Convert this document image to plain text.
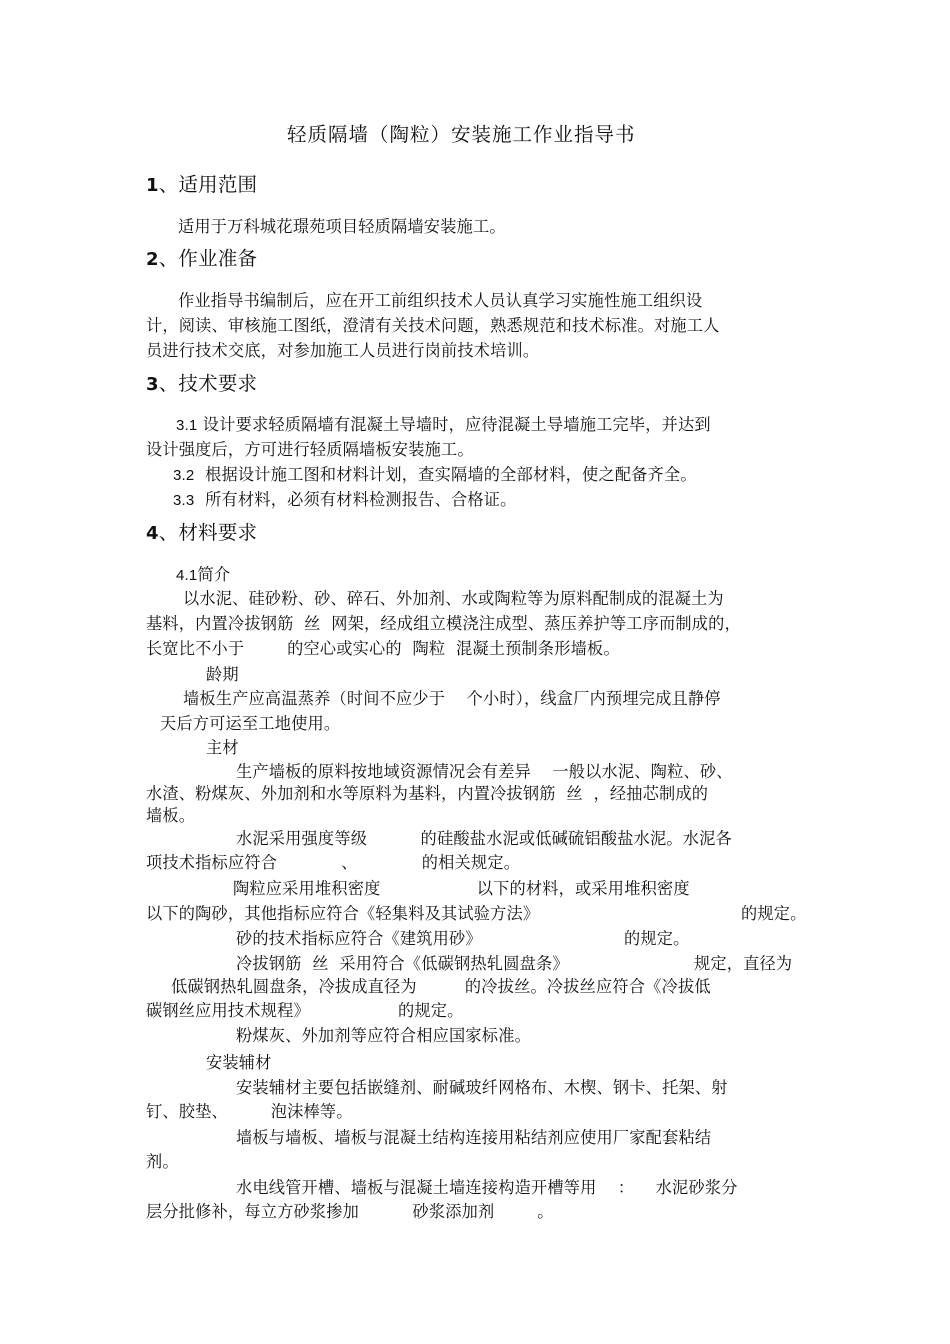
轻质隔墙（陶粒）安装施工作业指导书
1、适用范围
适用于万科城花璟苑项目轻质隔墙安装施工。
2、作业准备
作业指导书编制后，应在开工前组织技术人员认真学习实施性施工组织设
计，阅读、审核施工图纸，澄清有关技术问题，熟悉规范和技术标准。对施工人
员进行技术交底，对参加施工人员进行岗前技术培训。
3、技术要求
3.1 设计要求轻质隔墙有混凝土导墙时，应待混凝土导墙施工完毕，并达到
设计强度后，方可进行轻质隔墙板安装施工。
3.2  根据设计施工图和材料计划，查实隔墙的全部材料，使之配备齐全。
3.3  所有材料，必须有材料检测报告、合格证。
4、材料要求
4.1简介
以水泥、硅砂粉、砂、碎石、外加剂、水或陶粒等为原料配制成的混凝土为
基料，内置冷拔钢筋  丝  网架，经成组立模浇注成型、蒸压养护等工序而制成的，
长宽比不小于        的空心或实心的  陶粒  混凝土预制条形墙板。
龄期
墙板生产应高温蒸养（时间不应少于    个小时），线盒厂内预埋完成且静停
天后方可运至工地使用。
主材
生产墙板的原料按地域资源情况会有差异    一般以水泥、陶粒、砂、
水渣、粉煤灰、外加剂和水等原料为基料，内置冷拔钢筋  丝  ，经抽芯制成的
墙板。
水泥采用强度等级          的硅酸盐水泥或低碱硫铝酸盐水泥。水泥各
项技术指标应符合            、            的相关规定。
陶粒应采用堆积密度                  以下的材料，或采用堆积密度
以下的陶砂，其他指标应符合《轻集料及其试验方法》	的规定。
砂的技术指标应符合《建筑用砂》	的规定。
冷拔钢筋  丝  采用符合《低碳钢热轧圆盘条》	规定，直径为
低碳钢热轧圆盘条，冷拔成直径为         的冷拔丝。冷拔丝应符合《冷拔低
碳钢丝应用技术规程》	的规定。
粉煤灰、外加剂等应符合相应国家标准。
安装辅材
安装辅材主要包括嵌缝剂、耐碱玻纤网格布、木楔、钢卡、托架、射
钉、胶垫、        泡沫棒等。
墙板与墙板、墙板与混凝土结构连接用粘结剂应使用厂家配套粘结
剂。
水电线管开槽、墙板与混凝土墙连接构造开槽等用    ：    水泥砂浆分
层分批修补，每立方砂浆掺加          砂浆添加剂        。
